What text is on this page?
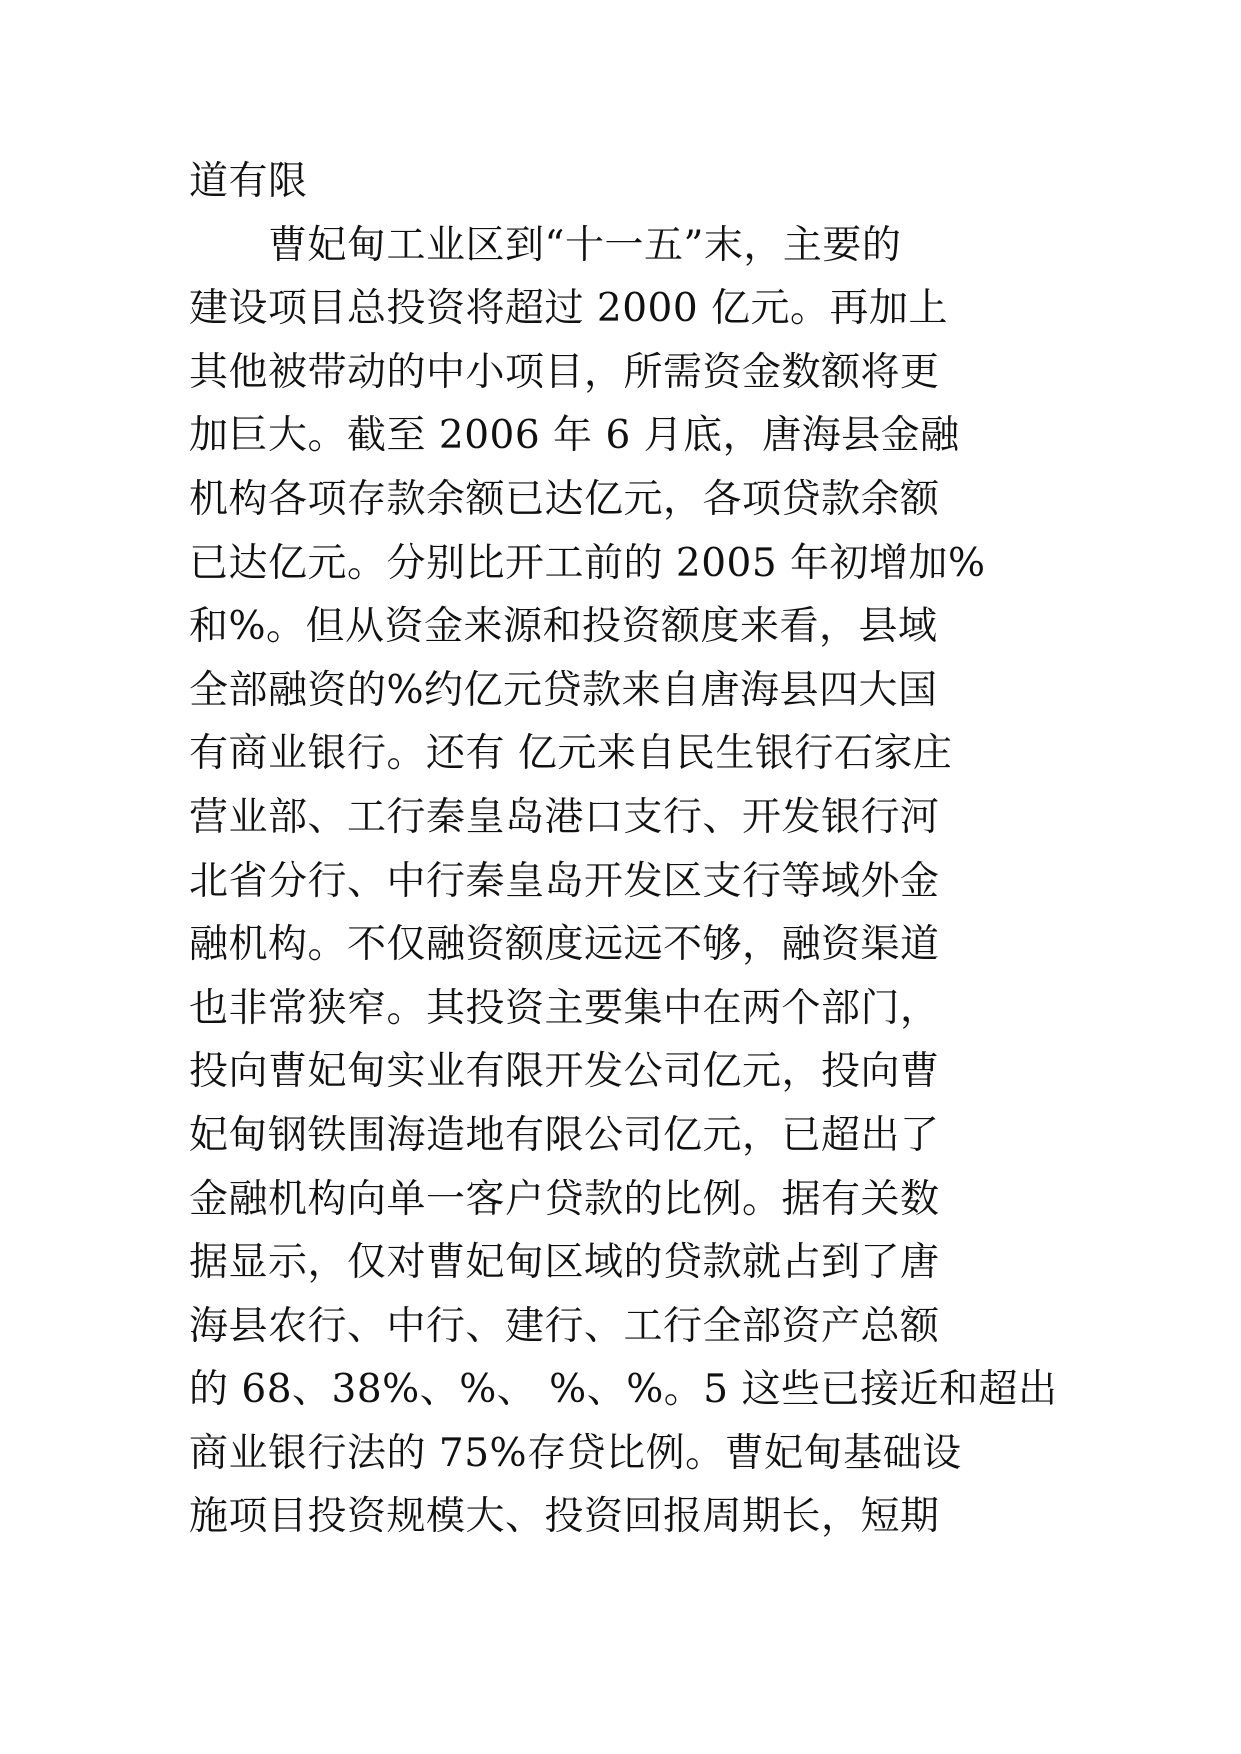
道有限
　　曹妃甸工业区到“十一五”末，主要的
建设项目总投资将超过 2000 亿元。再加上
其他被带动的中小项目，所需资金数额将更
加巨大。截至 2006 年 6 月底，唐海县金融
机构各项存款余额已达亿元，各项贷款余额
已达亿元。分别比开工前的 2005 年初增加%
和%。但从资金来源和投资额度来看，县域
全部融资的%约亿元贷款来自唐海县四大国
有商业银行。还有 亿元来自民生银行石家庄
营业部、工行秦皇岛港口支行、开发银行河
北省分行、中行秦皇岛开发区支行等域外金
融机构。不仅融资额度远远不够，融资渠道
也非常狭窄。其投资主要集中在两个部门，
投向曹妃甸实业有限开发公司亿元，投向曹
妃甸钢铁围海造地有限公司亿元，已超出了
金融机构向单一客户贷款的比例。据有关数
据显示，仅对曹妃甸区域的贷款就占到了唐
海县农行、中行、建行、工行全部资产总额
的 68、38%、%、 %、%。5 这些已接近和超出
商业银行法的 75%存贷比例。曹妃甸基础设
施项目投资规模大、投资回报周期长，短期
